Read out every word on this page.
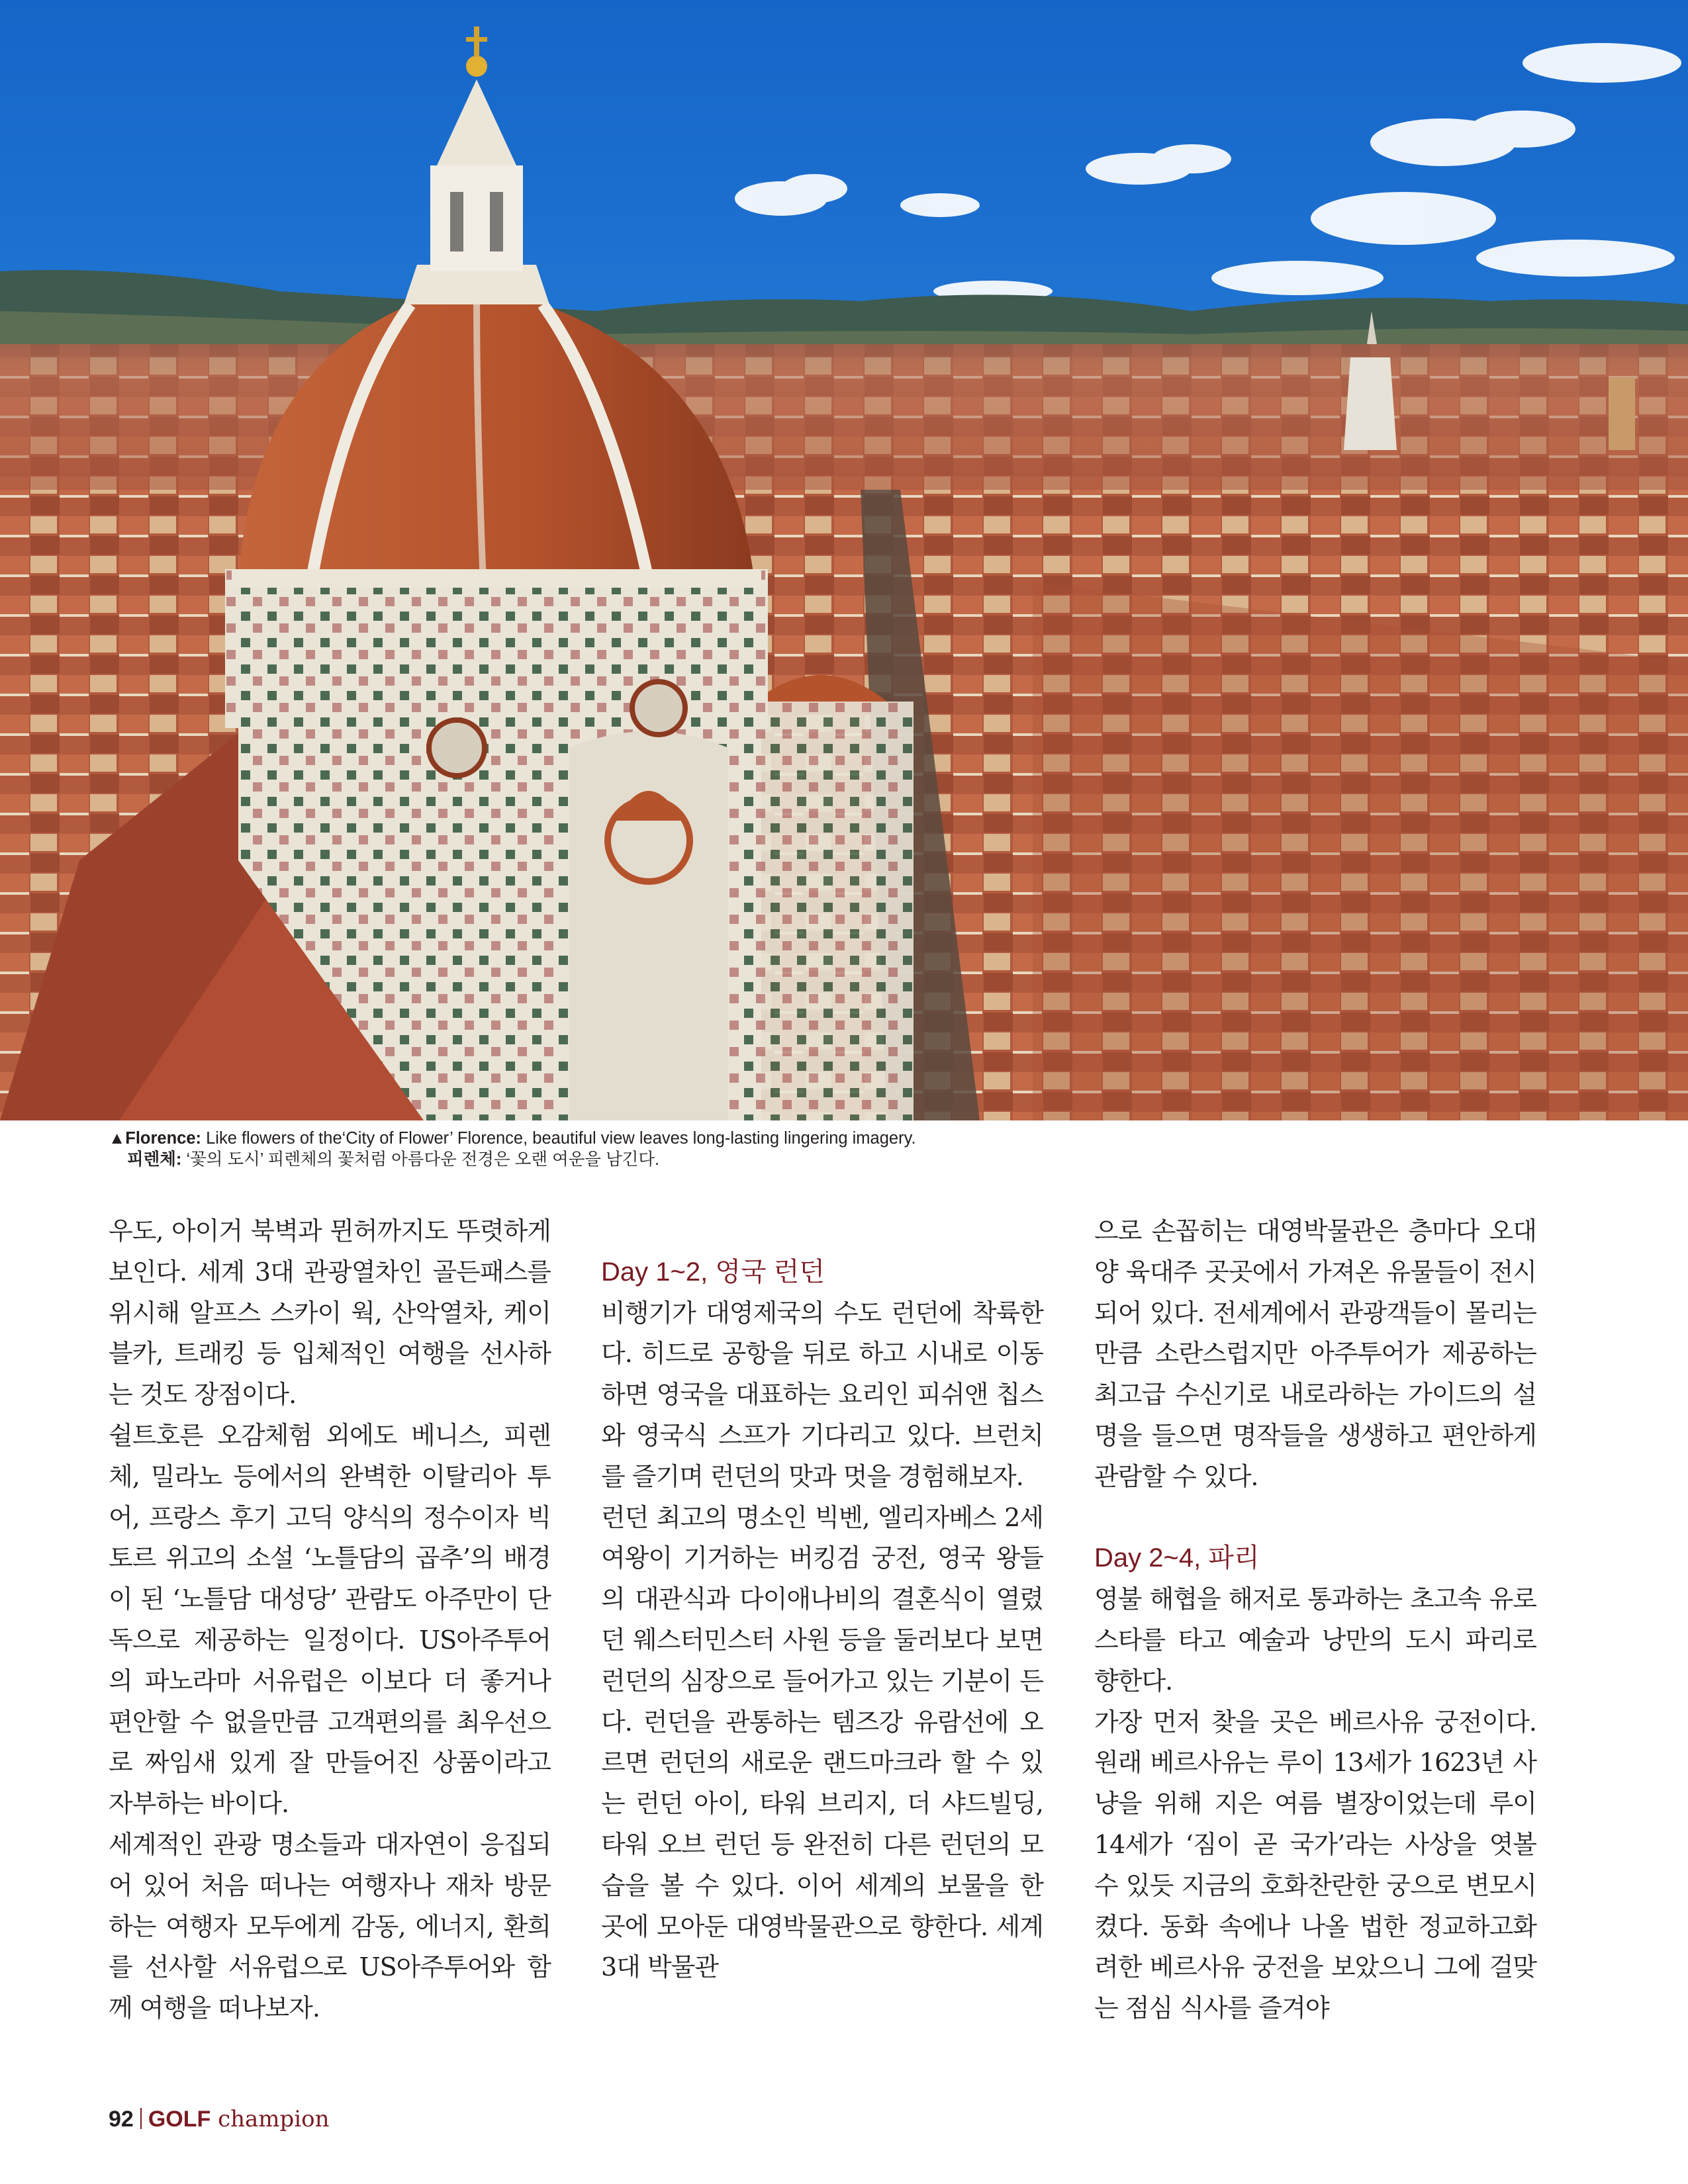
▲Florence: Like flowers of the‘City of Flower’ Florence, beautiful view leaves long-lasting lingering imagery.
피렌체: ‘꽃의 도시’ 피렌체의 꽃처럼 아름다운 전경은 오랜 여운을 남긴다.

우도, 아이거 북벽과 뮌허까지도 뚜렷하게 보인다. 세계 3대 관광열차인 골든패스를 위시해 알프스 스카이 웍, 산악열차, 케이블카, 트래킹 등 입체적인 여행을 선사하는 것도 장점이다.

쉴트호른 오감체험 외에도 베니스, 피렌체, 밀라노 등에서의 완벽한 이탈리아 투어, 프랑스 후기 고딕 양식의 정수이자 빅토르 위고의 소설 ‘노틀담의 곱추’의 배경이 된 ‘노틀담 대성당’ 관람도 아주만이 단독으로 제공하는 일정이다. US아주투어의 파노라마 서유럽은 이보다 더 좋거나 편안할 수 없을만큼 고객편의를 최우선으로 짜임새 있게 잘 만들어진 상품이라고 자부하는 바이다.

세계적인 관광 명소들과 대자연이 응집되어 있어 처음 떠나는 여행자나 재차 방문하는 여행자 모두에게 감동, 에너지, 환희를 선사할 서유럽으로 US아주투어와 함께 여행을 떠나보자.

Day 1~2, 영국 런던

비행기가 대영제국의 수도 런던에 착륙한다. 히드로 공항을 뒤로 하고 시내로 이동하면 영국을 대표하는 요리인 피쉬앤 칩스와 영국식 스프가 기다리고 있다. 브런치를 즐기며 런던의 맛과 멋을 경험해보자.

런던 최고의 명소인 빅벤, 엘리자베스 2세 여왕이 기거하는 버킹검 궁전, 영국 왕들의 대관식과 다이애나비의 결혼식이 열렸던 웨스터민스터 사원 등을 둘러보다 보면 런던의 심장으로 들어가고 있는 기분이 든다. 런던을 관통하는 템즈강 유람선에 오르면 런던의 새로운 랜드마크라 할 수 있는 런던 아이, 타워 브리지, 더 샤드빌딩, 타워 오브 런던 등 완전히 다른 런던의 모습을 볼 수 있다. 이어 세계의 보물을 한 곳에 모아둔 대영박물관으로 향한다. 세계3대 박물관

으로 손꼽히는 대영박물관은 층마다 오대양 육대주 곳곳에서 가져온 유물들이 전시되어 있다. 전세계에서 관광객들이 몰리는만큼 소란스럽지만 아주투어가 제공하는 최고급 수신기로 내로라하는 가이드의 설명을 들으면 명작들을 생생하고 편안하게 관람할 수 있다.

Day 2~4, 파리

영불 해협을 해저로 통과하는 초고속 유로스타를 타고 예술과 낭만의 도시 파리로 향한다.

가장 먼저 찾을 곳은 베르사유 궁전이다. 원래 베르사유는 루이 13세가 1623년 사냥을 위해 지은 여름 별장이었는데 루이 14세가 ‘짐이 곧 국가’라는 사상을 엿볼 수 있듯 지금의 호화찬란한 궁으로 변모시켰다. 동화 속에나 나올 법한 정교하고화려한 베르사유 궁전을 보았으니 그에 걸맞는 점심 식사를 즐겨야

92 GOLF champion
